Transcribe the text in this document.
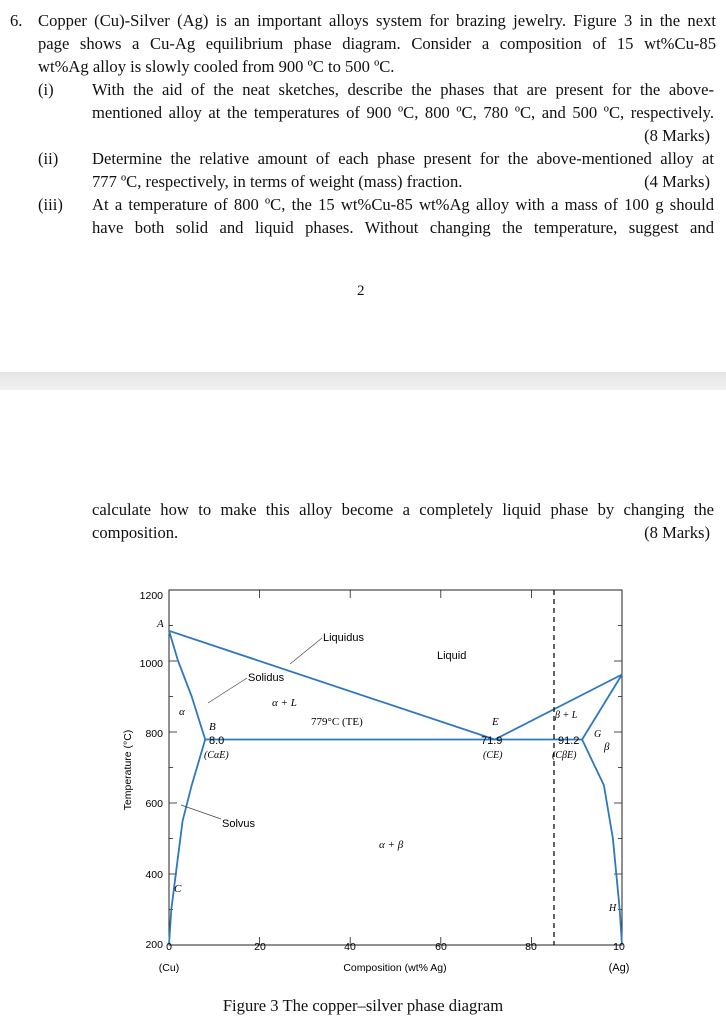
6. Copper (Cu)-Silver (Ag) is an important alloys system for brazing jewelry. Figure 3 in the next
page shows a Cu-Ag equilibrium phase diagram. Consider a composition of 15 wt%Cu-85
wt%Ag alloy is slowly cooled from 900 ºC to 500 ºC.
(i) With the aid of the neat sketches, describe the phases that are present for the above-
mentioned alloy at the temperatures of 900 ºC, 800 ºC, 780 ºC, and 500 ºC, respectively.
(8 Marks)
(ii) Determine the relative amount of each phase present for the above-mentioned alloy at
777 ºC, respectively, in terms of weight (mass) fraction.	(4 Marks)
(iii) At a temperature of 800 ºC, the 15 wt%Cu-85 wt%Ag alloy with a mass of 100 g should
have both solid and liquid phases. Without changing the temperature, suggest and
2
calculate how to make this alloy become a completely liquid phase by changing the
composition.	(8 Marks)
1200
1000
800
600
400
200 0	20	40	60	80	10
Temperature (°C)
Composition (wt% Ag)
(Cu)	(Ag)
Liquidus
Liquid
Solidus
α + L
α
779°C (TE)
Solvus
α + β
β + L
β
A
B
C
E
G
H
8.0
(CαE)
71.9
(CE)
91.2
(CβE)
Figure 3 The copper–silver phase diagram
